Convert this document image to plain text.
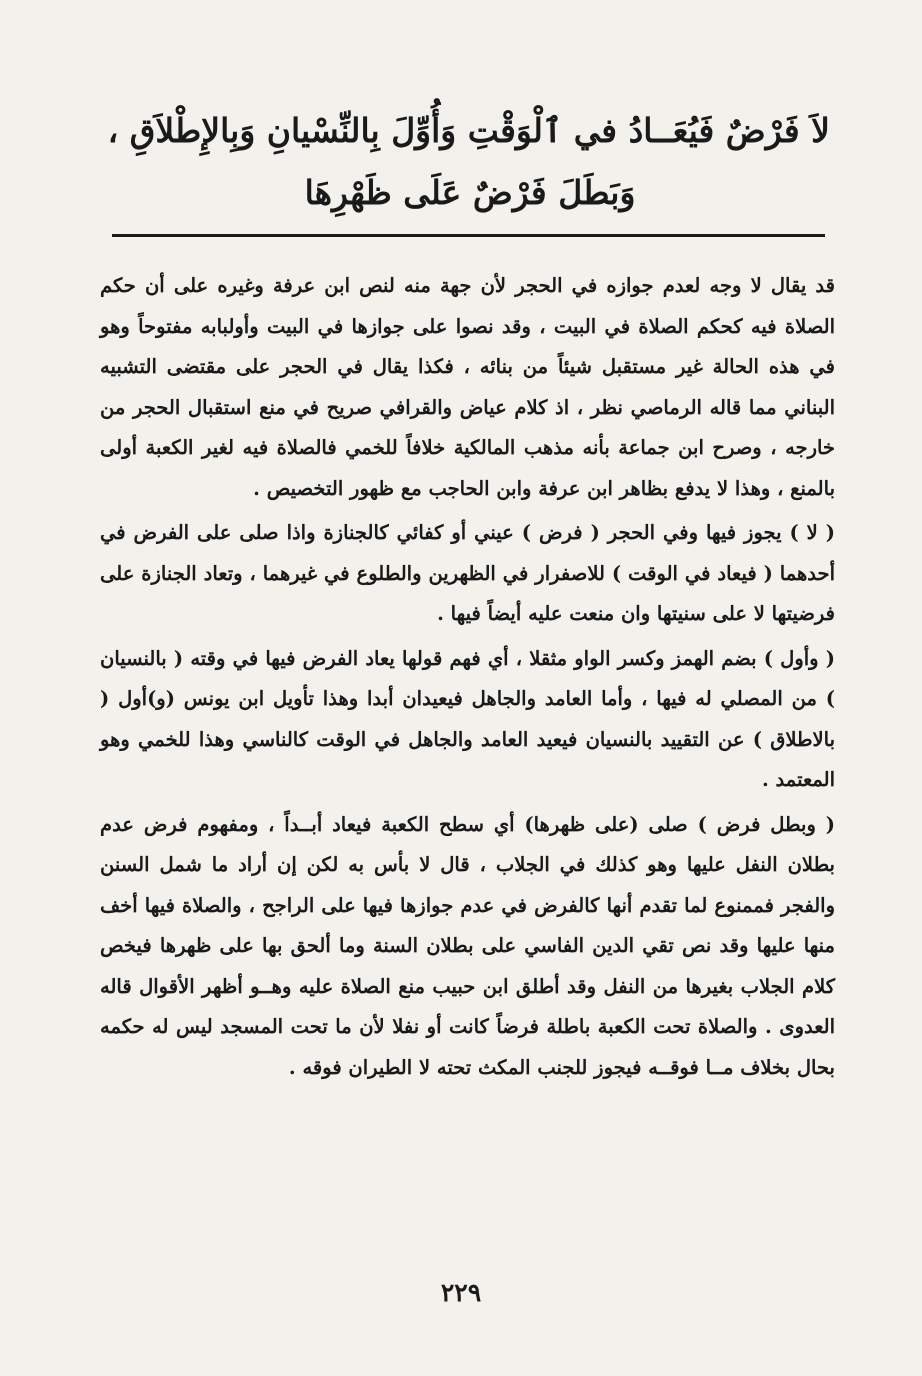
لاَ فَرْضٌ فَيُعَــادُ في ٱلْوَقْتِ وَأُوِّلَ بِالنِّسْيانِ وَبِالإِطْلاَقِ ،
وَبَطَلَ فَرْضٌ عَلَى ظَهْرِهَا

قد يقال لا وجه لعدم جوازه في الحجر لأن جهة منه لنص ابن عرفة وغيره على أن حكم الصلاة فيه كحكم الصلاة في البيت ، وقد نصوا على جوازها في البيت وأولبابه مفتوحاً وهو في هذه الحالة غير مستقبل شيئاً من بنائه ، فكذا يقال في الحجر على مقتضى التشبيه البناني مما قاله الرماصي نظر ، اذ كلام عياض والقرافي صريح في منع استقبال الحجر من خارجه ، وصرح ابن جماعة بأنه مذهب المالكية خلافاً للخمي فالصلاة فيه لغير الكعبة أولى بالمنع ، وهذا لا يدفع بظاهر ابن عرفة وابن الحاجب مع ظهور التخصيص .

( لا ) يجوز فيها وفي الحجر ( فرض ) عيني أو كفائي كالجنازة واذا صلى على الفرض في أحدهما ( فيعاد في الوقت ) للاصفرار في الظهرين والطلوع في غيرهما ، وتعاد الجنازة على فرضيتها لا على سنيتها وان منعت عليه أيضاً فيها .

( وأول ) بضم الهمز وكسر الواو مثقلا ، أي فهم قولها يعاد الفرض فيها في وقته ( بالنسيان ) من المصلي له فيها ، وأما العامد والجاهل فيعيدان أبدا وهذا تأويل ابن يونس (و)أول ( بالاطلاق ) عن التقييد بالنسيان فيعيد العامد والجاهل في الوقت كالناسي وهذا للخمي وهو المعتمد .

( وبطل فرض ) صلى (على ظهرها) أي سطح الكعبة فيعاد أبــداً ، ومفهوم فرض عدم بطلان النفل عليها وهو كذلك في الجلاب ، قال لا بأس به لكن إن أراد ما شمل السنن والفجر فممنوع لما تقدم أنها كالفرض في عدم جوازها فيها على الراجح ، والصلاة فيها أخف منها عليها وقد نص تقي الدين الفاسي على بطلان السنة وما ألحق بها على ظهرها فيخص كلام الجلاب بغيرها من النفل وقد أطلق ابن حبيب منع الصلاة عليه وهــو أظهر الأقوال قاله العدوى . والصلاة تحت الكعبة باطلة فرضاً كانت أو نفلا لأن ما تحت المسجد ليس له حكمه بحال بخلاف مــا فوقــه فيجوز للجنب المكث تحته لا الطيران فوقه .

٢٢٩
